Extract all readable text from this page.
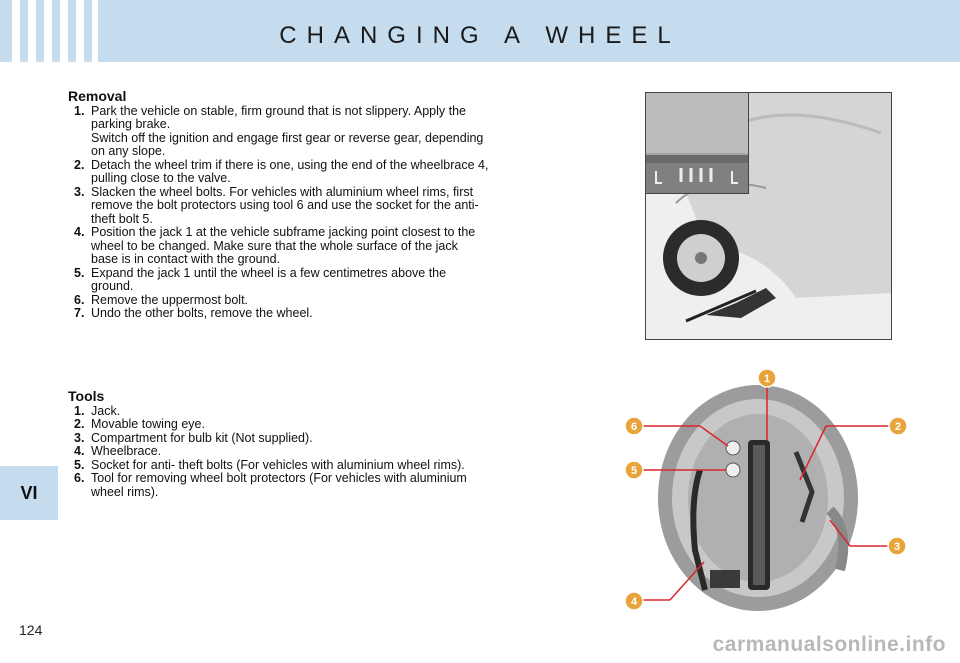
CHANGING A WHEEL
VI
Removal
1. Park the vehicle on stable, firm ground that is not slippery. Apply the
parking brake.
Switch off the ignition and engage first gear or reverse gear, depending
on any slope.
2. Detach the wheel trim if there is one, using the end of the wheelbrace 4,
pulling close to the valve.
3. Slacken the wheel bolts. For vehicles with aluminium wheel rims, first
remove the bolt protectors using tool 6 and use the socket for the anti-
theft bolt 5.
4. Position the jack 1 at the vehicle subframe jacking point closest to the
wheel to be changed. Make sure that the whole surface of the jack
base is in contact with the ground.
5. Expand the jack 1 until the wheel is a few centimetres above the
ground.
6. Remove the uppermost bolt.
7. Undo the other bolts, remove the wheel.
Tools
1. Jack.
2. Movable towing eye.
3. Compartment for bulb kit (Not supplied).
4. Wheelbrace.
5. Socket for anti- theft bolts (For vehicles with aluminium wheel rims).
6. Tool for removing wheel bolt protectors (For vehicles with aluminium
wheel rims).
1
2
3
4
5
6
124
carmanualsonline.info
